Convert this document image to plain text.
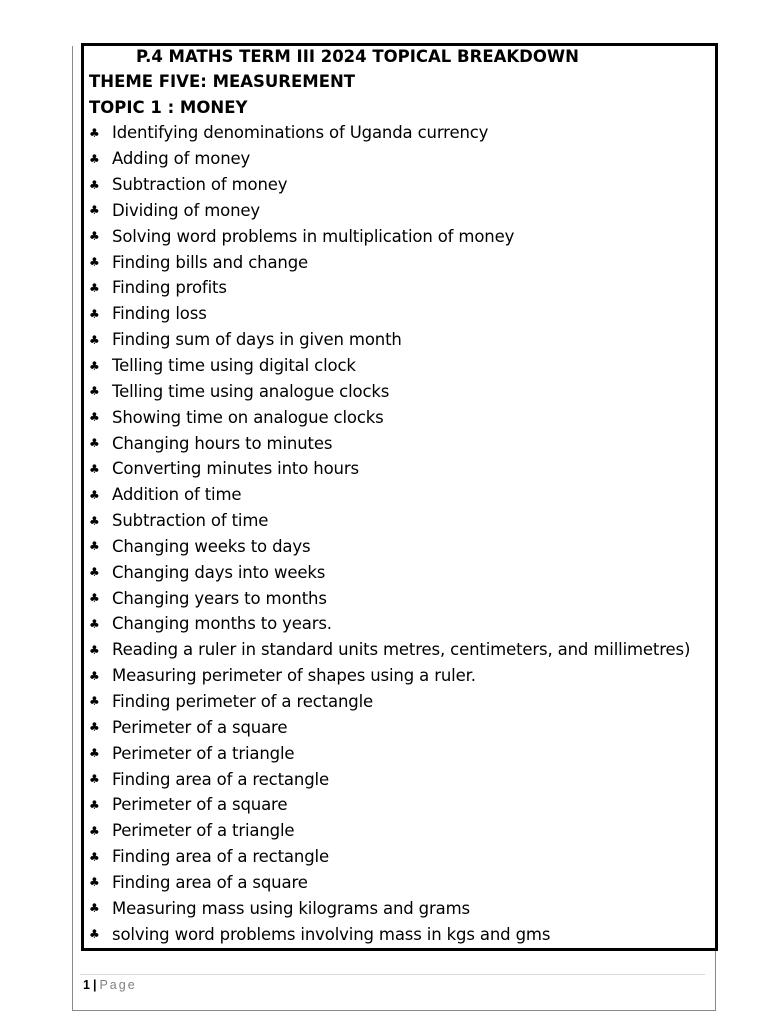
P.4 MATHS TERM III 2024 TOPICAL BREAKDOWN
THEME FIVE: MEASUREMENT
TOPIC 1 : MONEY
♣ Identifying denominations of Uganda currency
♣ Adding of money
♣ Subtraction of money
♣ Dividing of money
♣ Solving word problems in multiplication of money
♣ Finding bills and change
♣ Finding profits
♣ Finding loss
♣ Finding sum of days in given month
♣ Telling time using digital clock
♣ Telling time using analogue clocks
♣ Showing time on analogue clocks
♣ Changing hours to minutes
♣ Converting minutes into hours
♣ Addition of time
♣ Subtraction of time
♣ Changing weeks to days
♣ Changing days into weeks
♣ Changing years to months
♣ Changing months to years.
♣ Reading a ruler in standard units metres, centimeters, and millimetres)
♣ Measuring perimeter of shapes using a ruler.
♣ Finding perimeter of a rectangle
♣ Perimeter of a square
♣ Perimeter of a triangle
♣ Finding area of a rectangle
♣ Perimeter of a square
♣ Perimeter of a triangle
♣ Finding area of a rectangle
♣ Finding area of a square
♣ Measuring mass using kilograms and grams
♣ solving word problems involving mass in kgs and gms
1 | Page
